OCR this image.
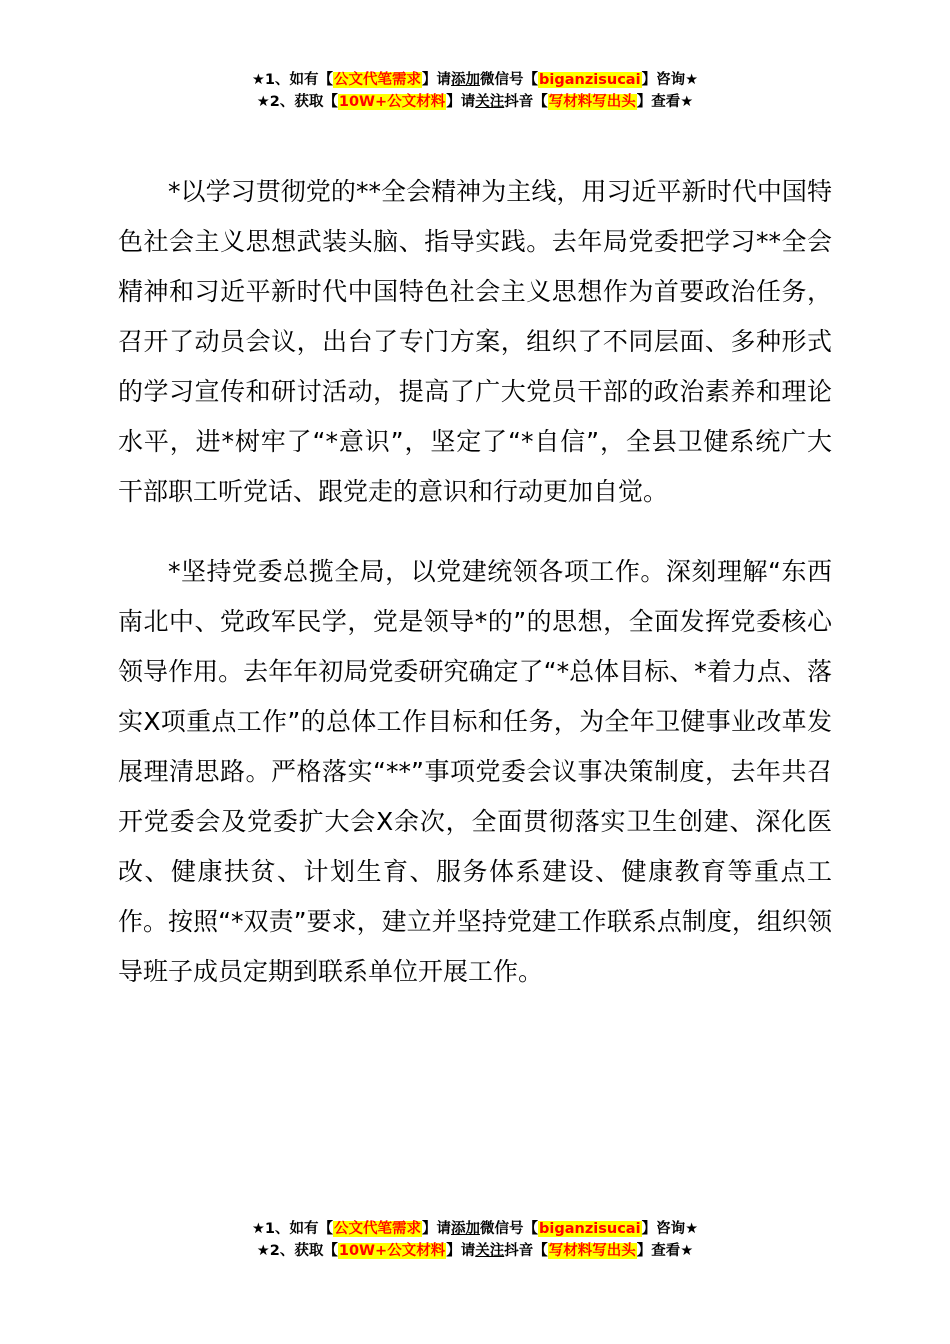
★1、如有【公文代笔需求】请添加微信号【biganzisucai】咨询★
★2、获取【10W+公文材料】请关注抖音【写材料写出头】查看★

*以学习贯彻党的**全会精神为主线，用习近平新时代中国特色社会主义思想武装头脑、指导实践。去年局党委把学习**全会精神和习近平新时代中国特色社会主义思想作为首要政治任务，召开了动员会议，出台了专门方案，组织了不同层面、多种形式的学习宣传和研讨活动，提高了广大党员干部的政治素养和理论水平，进*树牢了“*意识”，坚定了“*自信”，全县卫健系统广大干部职工听党话、跟党走的意识和行动更加自觉。

*坚持党委总揽全局，以党建统领各项工作。深刻理解“东西南北中、党政军民学，党是领导*的”的思想，全面发挥党委核心领导作用。去年年初局党委研究确定了“*总体目标、*着力点、落实X项重点工作”的总体工作目标和任务，为全年卫健事业改革发展理清思路。严格落实“**”事项党委会议事决策制度，去年共召开党委会及党委扩大会X余次，全面贯彻落实卫生创建、深化医改、健康扶贫、计划生育、服务体系建设、健康教育等重点工作。按照“*双责”要求，建立并坚持党建工作联系点制度，组织领导班子成员定期到联系单位开展工作。

★1、如有【公文代笔需求】请添加微信号【biganzisucai】咨询★
★2、获取【10W+公文材料】请关注抖音【写材料写出头】查看★
